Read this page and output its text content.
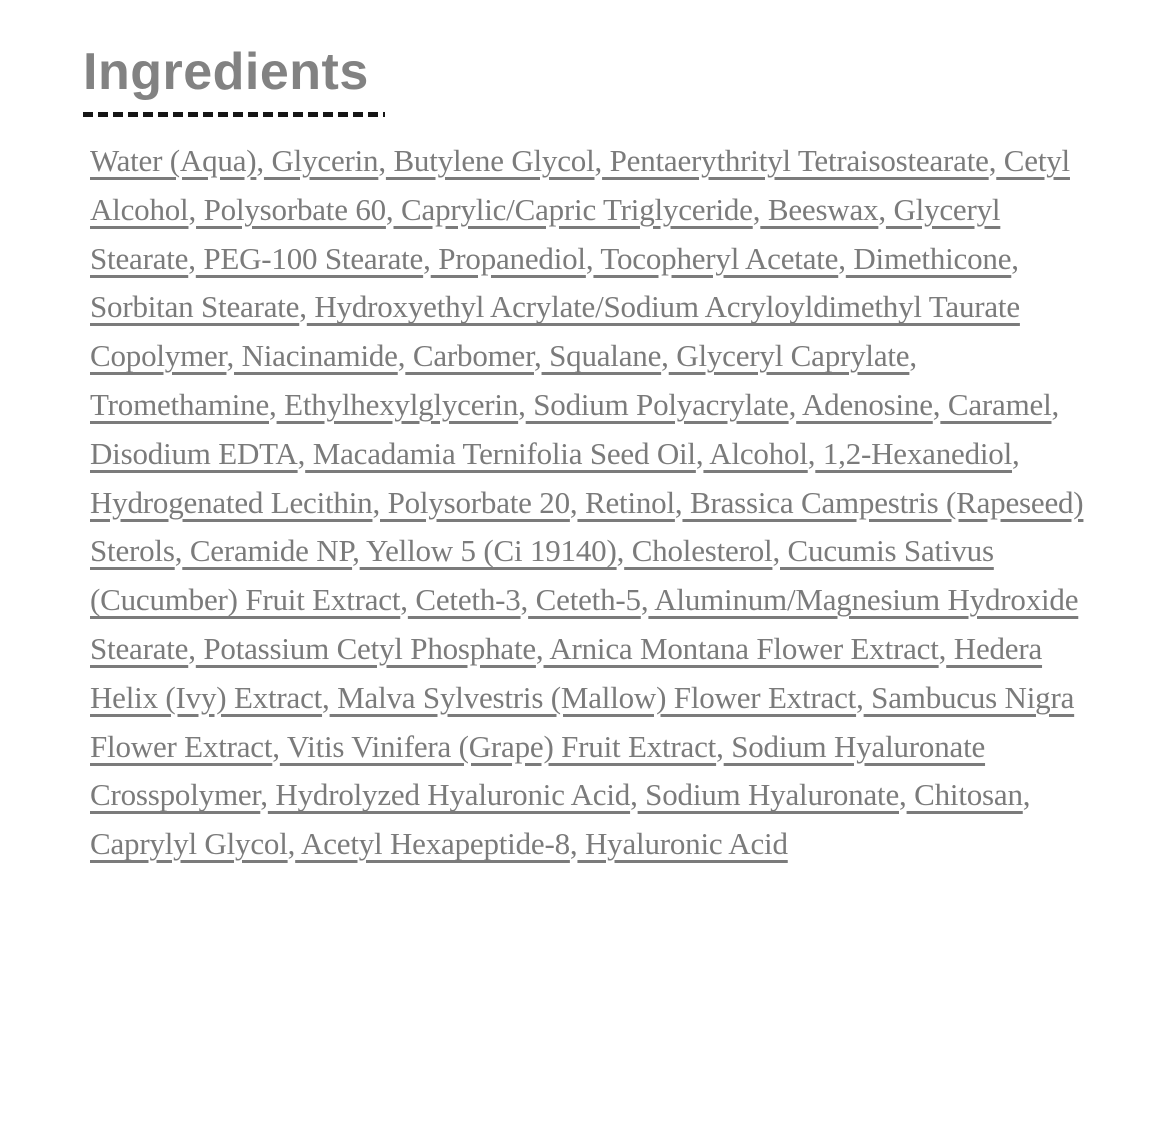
Ingredients

Water (Aqua), Glycerin, Butylene Glycol, Pentaerythrityl Tetraisostearate, Cetyl Alcohol, Polysorbate 60, Caprylic/Capric Triglyceride, Beeswax, Glyceryl Stearate, PEG-100 Stearate, Propanediol, Tocopheryl Acetate, Dimethicone, Sorbitan Stearate, Hydroxyethyl Acrylate/Sodium Acryloyldimethyl Taurate Copolymer, Niacinamide, Carbomer, Squalane, Glyceryl Caprylate, Tromethamine, Ethylhexylglycerin, Sodium Polyacrylate, Adenosine, Caramel, Disodium EDTA, Macadamia Ternifolia Seed Oil, Alcohol, 1,2-Hexanediol, Hydrogenated Lecithin, Polysorbate 20, Retinol, Brassica Campestris (Rapeseed) Sterols, Ceramide NP, Yellow 5 (Ci 19140), Cholesterol, Cucumis Sativus (Cucumber) Fruit Extract, Ceteth-3, Ceteth-5, Aluminum/Magnesium Hydroxide Stearate, Potassium Cetyl Phosphate, Arnica Montana Flower Extract, Hedera Helix (Ivy) Extract, Malva Sylvestris (Mallow) Flower Extract, Sambucus Nigra Flower Extract, Vitis Vinifera (Grape) Fruit Extract, Sodium Hyaluronate Crosspolymer, Hydrolyzed Hyaluronic Acid, Sodium Hyaluronate, Chitosan, Caprylyl Glycol, Acetyl Hexapeptide-8, Hyaluronic Acid
